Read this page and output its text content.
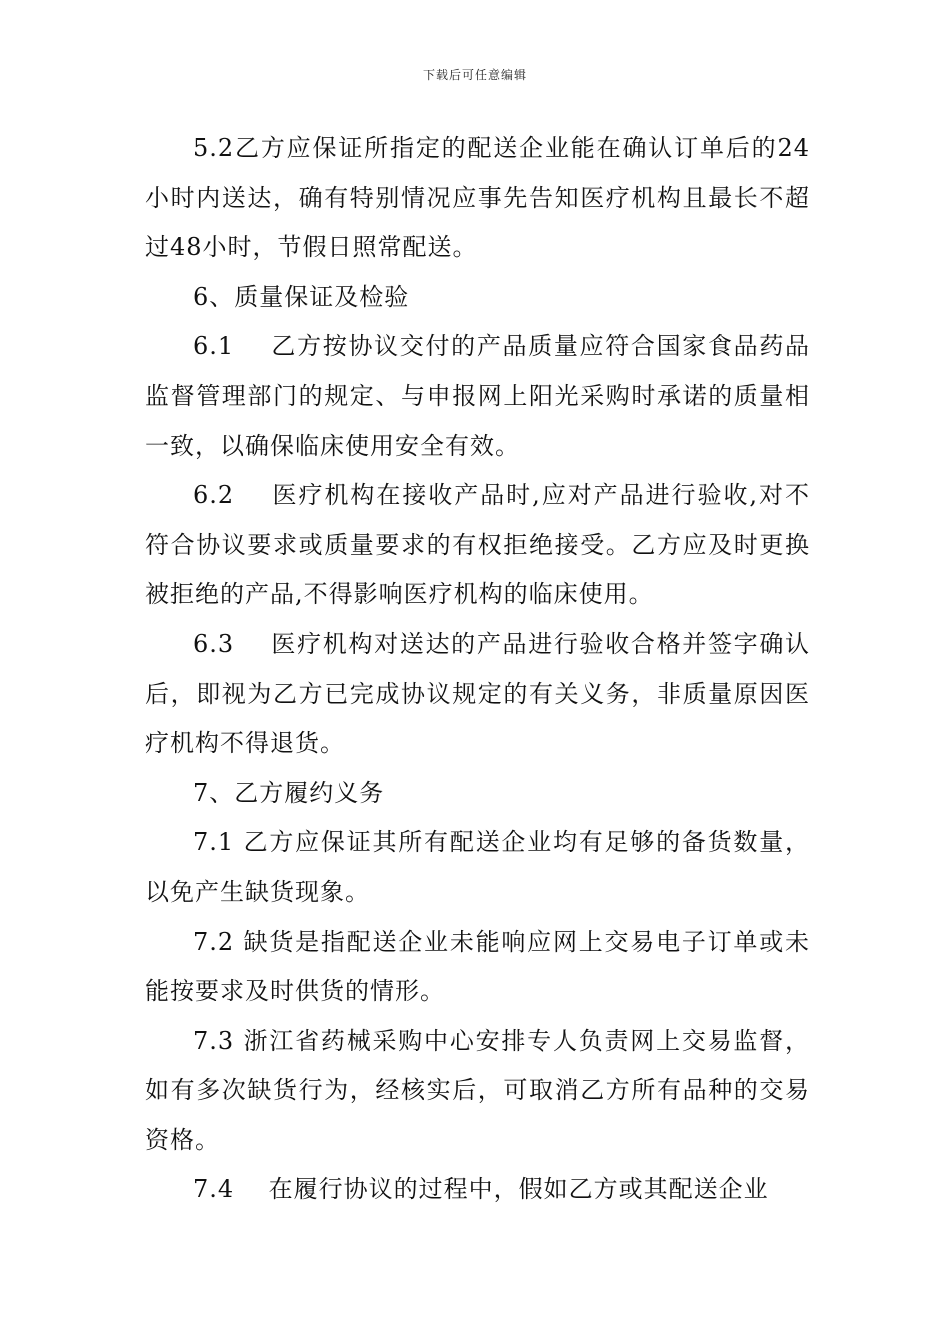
下载后可任意编辑

5.2乙方应保证所指定的配送企业能在确认订单后的24小时内送达，确有特别情况应事先告知医疗机构且最长不超过48小时，节假日照常配送。

6、质量保证及检验

6.1    乙方按协议交付的产品质量应符合国家食品药品监督管理部门的规定、与申报网上阳光采购时承诺的质量相一致，以确保临床使用安全有效。

6.2    医疗机构在接收产品时,应对产品进行验收,对不符合协议要求或质量要求的有权拒绝接受。乙方应及时更换被拒绝的产品,不得影响医疗机构的临床使用。

6.3    医疗机构对送达的产品进行验收合格并签字确认后，即视为乙方已完成协议规定的有关义务，非质量原因医疗机构不得退货。

7、乙方履约义务

7.1 乙方应保证其所有配送企业均有足够的备货数量，以免产生缺货现象。

7.2 缺货是指配送企业未能响应网上交易电子订单或未能按要求及时供货的情形。

7.3 浙江省药械采购中心安排专人负责网上交易监督，如有多次缺货行为，经核实后，可取消乙方所有品种的交易资格。

7.4    在履行协议的过程中，假如乙方或其配送企业
